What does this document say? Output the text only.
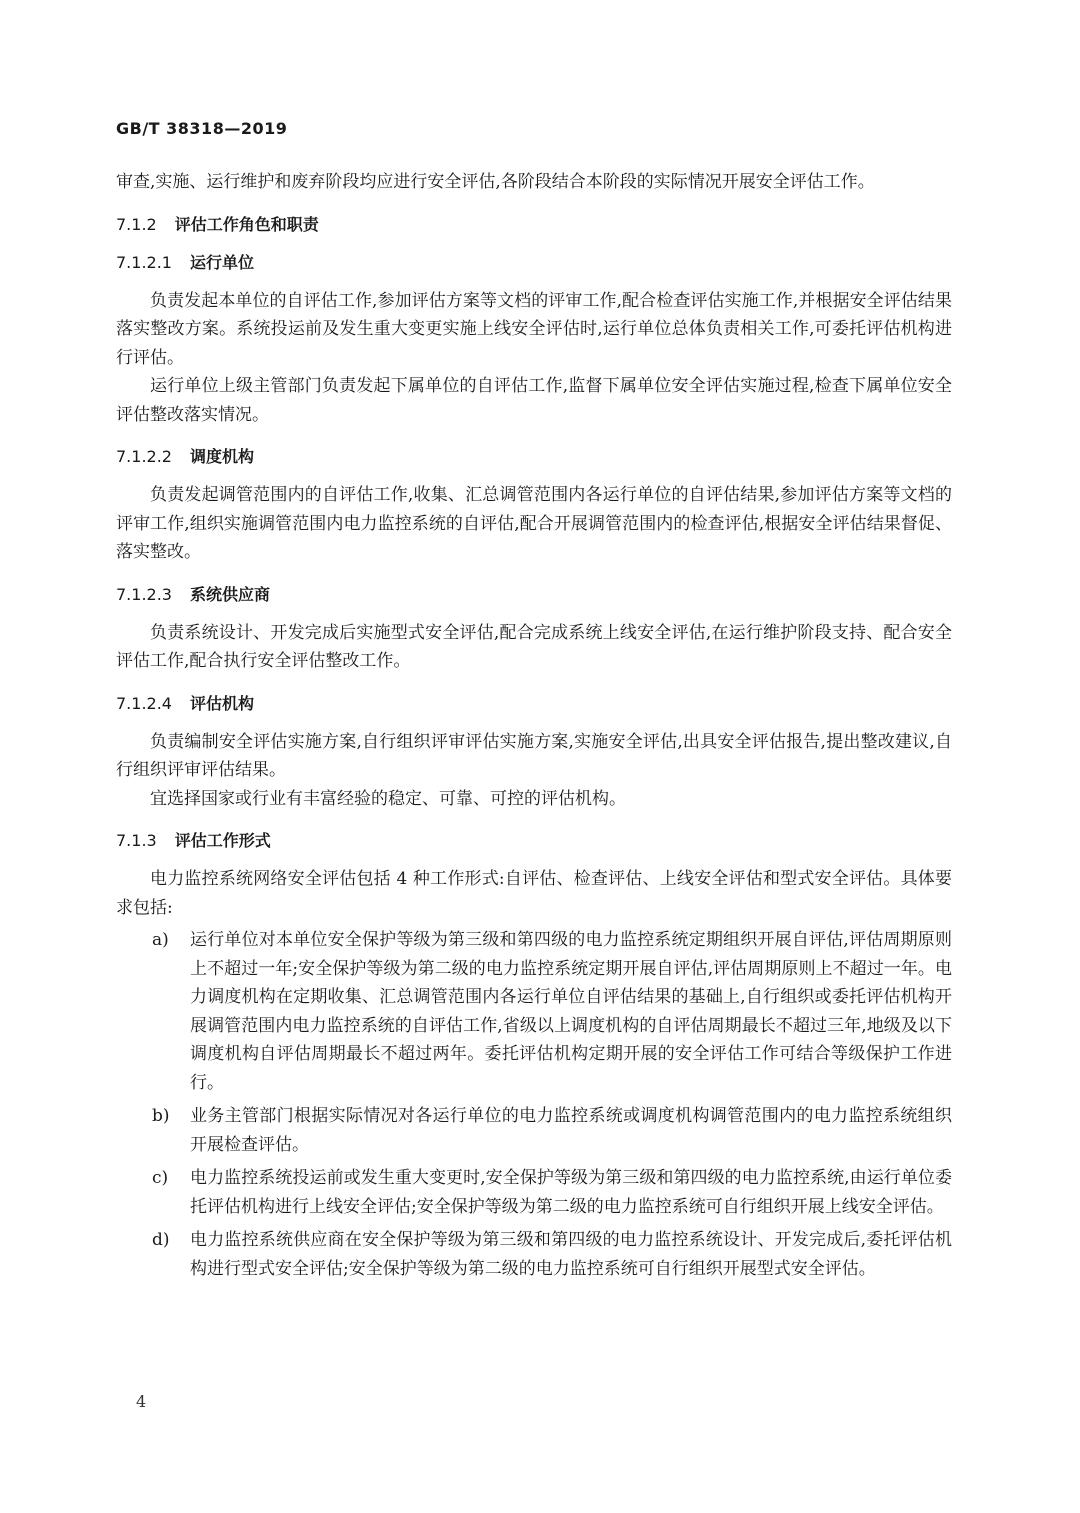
GB/T 38318—2019

审查,实施、运行维护和废弃阶段均应进行安全评估,各阶段结合本阶段的实际情况开展安全评估工作。

7.1.2 评估工作角色和职责
7.1.2.1 运行单位

负责发起本单位的自评估工作,参加评估方案等文档的评审工作,配合检查评估实施工作,并根据安全评估结果落实整改方案。系统投运前及发生重大变更实施上线安全评估时,运行单位总体负责相关工作,可委托评估机构进行评估。

运行单位上级主管部门负责发起下属单位的自评估工作,监督下属单位安全评估实施过程,检查下属单位安全评估整改落实情况。

7.1.2.2 调度机构

负责发起调管范围内的自评估工作,收集、汇总调管范围内各运行单位的自评估结果,参加评估方案等文档的评审工作,组织实施调管范围内电力监控系统的自评估,配合开展调管范围内的检查评估,根据安全评估结果督促、落实整改。

7.1.2.3 系统供应商

负责系统设计、开发完成后实施型式安全评估,配合完成系统上线安全评估,在运行维护阶段支持、配合安全评估工作,配合执行安全评估整改工作。

7.1.2.4 评估机构

负责编制安全评估实施方案,自行组织评审评估实施方案,实施安全评估,出具安全评估报告,提出整改建议,自行组织评审评估结果。

宜选择国家或行业有丰富经验的稳定、可靠、可控的评估机构。

7.1.3 评估工作形式

电力监控系统网络安全评估包括 4 种工作形式:自评估、检查评估、上线安全评估和型式安全评估。具体要求包括:

a) 运行单位对本单位安全保护等级为第三级和第四级的电力监控系统定期组织开展自评估,评估周期原则上不超过一年;安全保护等级为第二级的电力监控系统定期开展自评估,评估周期原则上不超过一年。电力调度机构在定期收集、汇总调管范围内各运行单位自评估结果的基础上,自行组织或委托评估机构开展调管范围内电力监控系统的自评估工作,省级以上调度机构的自评估周期最长不超过三年,地级及以下调度机构自评估周期最长不超过两年。委托评估机构定期开展的安全评估工作可结合等级保护工作进行。
b) 业务主管部门根据实际情况对各运行单位的电力监控系统或调度机构调管范围内的电力监控系统组织开展检查评估。
c) 电力监控系统投运前或发生重大变更时,安全保护等级为第三级和第四级的电力监控系统,由运行单位委托评估机构进行上线安全评估;安全保护等级为第二级的电力监控系统可自行组织开展上线安全评估。
d) 电力监控系统供应商在安全保护等级为第三级和第四级的电力监控系统设计、开发完成后,委托评估机构进行型式安全评估;安全保护等级为第二级的电力监控系统可自行组织开展型式安全评估。
4
